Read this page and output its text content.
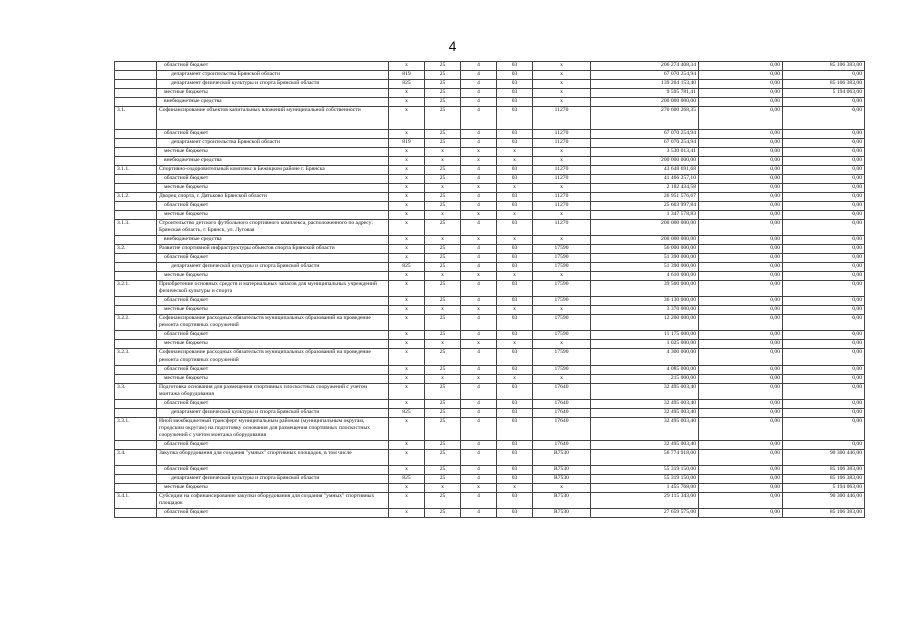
4
	областной бюджет	x	25	4	03	x	206 274 408,34	0,00	85 106 383,00
	департамент строительства Брянской области	819	25	4	03	x	67 070 254,94	0,00	0,00
	департамент физической культуры и спорта Брянской области	825	25	4	03	x	139 204 153,40	0,00	85 106 383,00
	местные бюджеты	x	25	4	03	x	9 595 781,41	0,00	5 194 063,00
	внебюджетные средства	x	25	4	03	x	200 000 000,00	0,00	0,00
3.1.	Софинансирование объектов капитальных вложений муниципальной собственности	x	25	4	03	11270	270 600 268,35	0,00	0,00
	областной бюджет	x	25	4	03	11270	67 070 254,94	0,00	0,00
	департамент строительства Брянской области	819	25	4	03	11270	67 070 254,94	0,00	0,00
	местные бюджеты	x	x	x	x	x	3 530 013,41	0,00	0,00
	внебюджетные средства	x	x	x	x	x	200 000 000,00	0,00	0,00
3.1.1.	Спортивно-оздоровительный комплекс в Бежицком районе г. Брянска	x	25	4	03	11270	43 648 691,68	0,00	0,00
	областной бюджет	x	25	4	03	11270	41 466 257,10	0,00	0,00
	местные бюджеты	x	x	x	x	x	2 182 434,58	0,00	0,00
3.1.2.	Дворец спорта, г. Дятьково Брянской области	x	25	4	03	11270	26 951 576,67	0,00	0,00
	областной бюджет	x	25	4	03	11270	25 603 997,84	0,00	0,00
	местные бюджеты	x	x	x	x	x	1 347 578,83	0,00	0,00
3.1.3.	Строительство детского футбольного спортивного комплекса, расположенного по адресу: Брянская область, г. Брянск, ул. Луговая	x	25	4	03	11270	200 000 000,00	0,00	0,00
	внебюджетные средства	x	x	x	x	x	200 000 000,00	0,00	0,00
3.2.	Развитие спортивной инфраструктуры объектов спорта Брянской области	x	25	4	03	17590	56 000 000,00	0,00	0,00
	областной бюджет	x	25	4	03	17590	51 390 000,00	0,00	0,00
	департамент физической культуры и спорта Брянской области	825	25	4	03	17590	51 390 000,00	0,00	0,00
	местные бюджеты	x	x	x	x	x	4 610 000,00	0,00	0,00
3.2.1.	Приобретение основных средств и материальных запасов для муниципальных учреждений физической культуры и спорта	x	25	4	03	17590	39 500 000,00	0,00	0,00
	областной бюджет	x	25	4	03	17590	36 130 000,00	0,00	0,00
	местные бюджеты	x	x	x	x	x	3 370 000,00	0,00	0,00
3.2.2.	Софинансирование расходных обязательств муниципальных образований на проведение ремонта спортивных сооружений	x	25	4	03	17590	12 200 000,00	0,00	0,00
	областной бюджет	x	25	4	03	17590	11 175 000,00	0,00	0,00
	местные бюджеты	x	x	x	x	x	1 025 000,00	0,00	0,00
3.2.3.	Софинансирование расходных обязательств муниципальных образований на проведение ремонта спортивных сооружений	x	25	4	03	17590	4 300 000,00	0,00	0,00
	областной бюджет	x	25	4	03	17590	4 085 000,00	0,00	0,00
	местные бюджеты	x	x	x	x	x	215 000,00	0,00	0,00
3.3.	Подготовка основания для размещения спортивных плоскостных сооружений с учетом монтажа оборудования	x	25	4	03	17640	32 495 003,40	0,00	0,00
	областной бюджет	x	25	4	03	17640	32 495 003,40	0,00	0,00
	департамент физической культуры и спорта Брянской области	825	25	4	03	17640	32 495 003,40	0,00	0,00
3.3.1.	Иной межбюджетный трансферт муниципальным районам (муниципальным округам, городским округам) на подготовку основания для размещения спортивных плоскостных сооружений с учетом монтажа оборудования	x	25	4	03	17640	32 495 003,40	0,00	0,00
	областной бюджет	x	25	4	03	17640	32 495 003,40	0,00	0,00
3.4.	Закупка оборудования для создания "умных" спортивных площадок, в том числе	x	25	4	03	R7530	56 774 918,00	0,00	90 300 446,00
	областной бюджет	x	25	4	03	R7530	55 319 150,00	0,00	85 106 383,00
	департамент физической культуры и спорта Брянской области	825	25	4	03	R7530	55 319 150,00	0,00	85 106 383,00
	местные бюджеты	x	x	x	x	x	1 455 768,00	0,00	5 194 063,00
3.4.1.	Субсидии на софинансирование закупки оборудования для создания "умных" спортивных площадок	x	25	4	03	R7530	29 115 343,00	0,00	90 300 446,00
	областной бюджет	x	25	4	03	R7530	27 659 575,00	0,00	85 106 383,00
